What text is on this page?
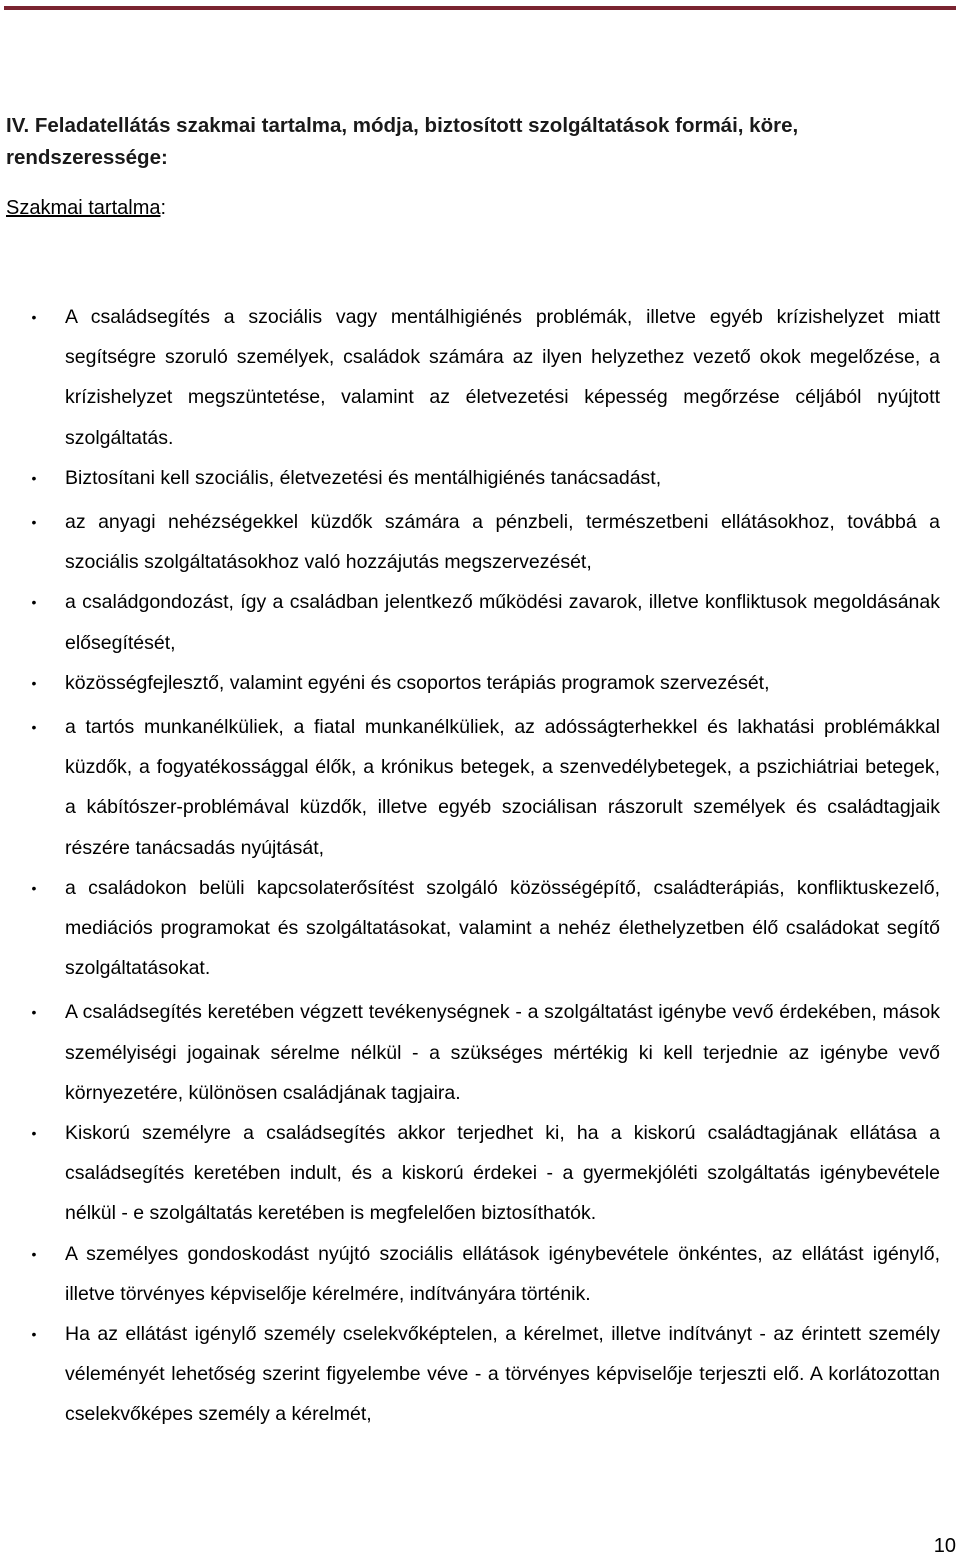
IV. Feladatellátás szakmai tartalma, módja, biztosított szolgáltatások formái, köre, rendszeressége:
Szakmai tartalma:
•	A családsegítés a szociális vagy mentálhigiénés problémák, illetve egyéb krízishelyzet miatt segítségre szoruló személyek, családok számára az ilyen helyzethez vezető okok megelőzése, a krízishelyzet megszüntetése, valamint az életvezetési képesség megőrzése céljából nyújtott szolgáltatás.
•	Biztosítani kell szociális, életvezetési és mentálhigiénés tanácsadást,
•	az anyagi nehézségekkel küzdők számára a pénzbeli, természetbeni ellátásokhoz, továbbá a szociális szolgáltatásokhoz való hozzájutás megszervezését,
•	a családgondozást, így a családban jelentkező működési zavarok, illetve konfliktusok megoldásának elősegítését,
•	közösségfejlesztő, valamint egyéni és csoportos terápiás programok szervezését,
•	a tartós munkanélküliek, a fiatal munkanélküliek, az adósságterhekkel és lakhatási problémákkal küzdők, a fogyatékossággal élők, a krónikus betegek, a szenvedélybetegek, a pszichiátriai betegek, a kábítószer-problémával küzdők, illetve egyéb szociálisan rászorult személyek és családtagjaik részére tanácsadás nyújtását,
•	a családokon belüli kapcsolaterősítést szolgáló közösségépítő, családterápiás, konfliktuskezelő, mediációs programokat és szolgáltatásokat, valamint a nehéz élethelyzetben élő családokat segítő szolgáltatásokat.
•	A családsegítés keretében végzett tevékenységnek - a szolgáltatást igénybe vevő érdekében, mások személyiségi jogainak sérelme nélkül - a szükséges mértékig ki kell terjednie az igénybe vevő környezetére, különösen családjának tagjaira.
•	Kiskorú személyre a családsegítés akkor terjedhet ki, ha a kiskorú családtagjának ellátása a családsegítés keretében indult, és a kiskorú érdekei - a gyermekjóléti szolgáltatás igénybevétele nélkül - e szolgáltatás keretében is megfelelően biztosíthatók.
•	A személyes gondoskodást nyújtó szociális ellátások igénybevétele önkéntes, az ellátást igénylő, illetve törvényes képviselője kérelmére, indítványára történik.
•	Ha az ellátást igénylő személy cselekvőképtelen, a kérelmet, illetve indítványt - az érintett személy véleményét lehetőség szerint figyelembe véve - a törvényes képviselője terjeszti elő. A korlátozottan cselekvőképes személy a kérelmét,
10
